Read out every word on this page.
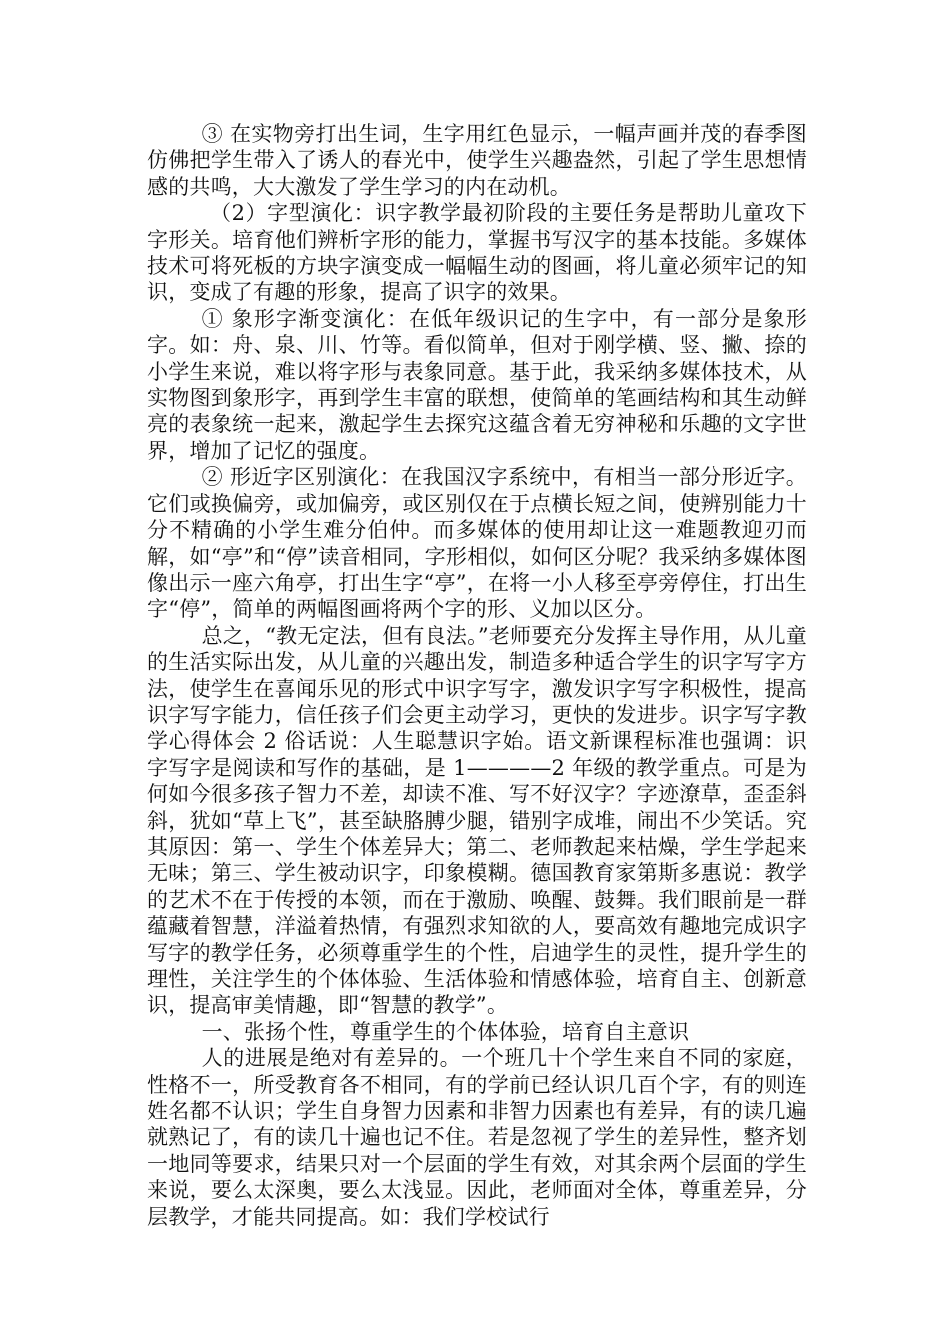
③ 在实物旁打出生词，生字用红色显示，一幅声画并茂的春季图仿佛把学生带入了诱人的春光中，使学生兴趣盎然，引起了学生思想情感的共鸣，大大激发了学生学习的内在动机。

（2）字型演化：识字教学最初阶段的主要任务是帮助儿童攻下字形关。培育他们辨析字形的能力，掌握书写汉字的基本技能。多媒体技术可将死板的方块字演变成一幅幅生动的图画，将儿童必须牢记的知识，变成了有趣的形象，提高了识字的效果。

① 象形字渐变演化：在低年级识记的生字中，有一部分是象形字。如：舟、泉、川、竹等。看似简单，但对于刚学横、竖、撇、捺的小学生来说，难以将字形与表象同意。基于此，我采纳多媒体技术，从实物图到象形字，再到学生丰富的联想，使简单的笔画结构和其生动鲜亮的表象统一起来，激起学生去探究这蕴含着无穷神秘和乐趣的文字世界，增加了记忆的强度。

② 形近字区别演化：在我国汉字系统中，有相当一部分形近字。它们或换偏旁，或加偏旁，或区别仅在于点横长短之间，使辨别能力十分不精确的小学生难分伯仲。而多媒体的使用却让这一难题教迎刃而解，如“亭”和“停”读音相同，字形相似，如何区分呢？我采纳多媒体图像出示一座六角亭，打出生字“亭”，在将一小人移至亭旁停住，打出生字“停”，简单的两幅图画将两个字的形、义加以区分。

总之，“教无定法，但有良法。”老师要充分发挥主导作用，从儿童的生活实际出发，从儿童的兴趣出发，制造多种适合学生的识字写字方法，使学生在喜闻乐见的形式中识字写字，激发识字写字积极性，提高识字写字能力，信任孩子们会更主动学习，更快的发进步。识字写字教学心得体会 2 俗话说：人生聪慧识字始。语文新课程标准也强调：识字写字是阅读和写作的基础，是 1————2 年级的教学重点。可是为何如今很多孩子智力不差，却读不准、写不好汉字？字迹潦草，歪歪斜斜，犹如“草上飞”，甚至缺胳膊少腿，错别字成堆，闹出不少笑话。究其原因：第一、学生个体差异大；第二、老师教起来枯燥，学生学起来无味；第三、学生被动识字，印象模糊。德国教育家第斯多惠说：教学的艺术不在于传授的本领，而在于激励、唤醒、鼓舞。我们眼前是一群蕴藏着智慧，洋溢着热情，有强烈求知欲的人，要高效有趣地完成识字写字的教学任务，必须尊重学生的个性，启迪学生的灵性，提升学生的理性，关注学生的个体体验、生活体验和情感体验，培育自主、创新意识，提高审美情趣，即“智慧的教学”。

一、张扬个性，尊重学生的个体体验，培育自主意识

人的进展是绝对有差异的。一个班几十个学生来自不同的家庭，性格不一，所受教育各不相同，有的学前已经认识几百个字，有的则连姓名都不认识；学生自身智力因素和非智力因素也有差异，有的读几遍就熟记了，有的读几十遍也记不住。若是忽视了学生的差异性，整齐划一地同等要求，结果只对一个层面的学生有效，对其余两个层面的学生来说，要么太深奥，要么太浅显。因此，老师面对全体，尊重差异，分层教学，才能共同提高。如：我们学校试行
